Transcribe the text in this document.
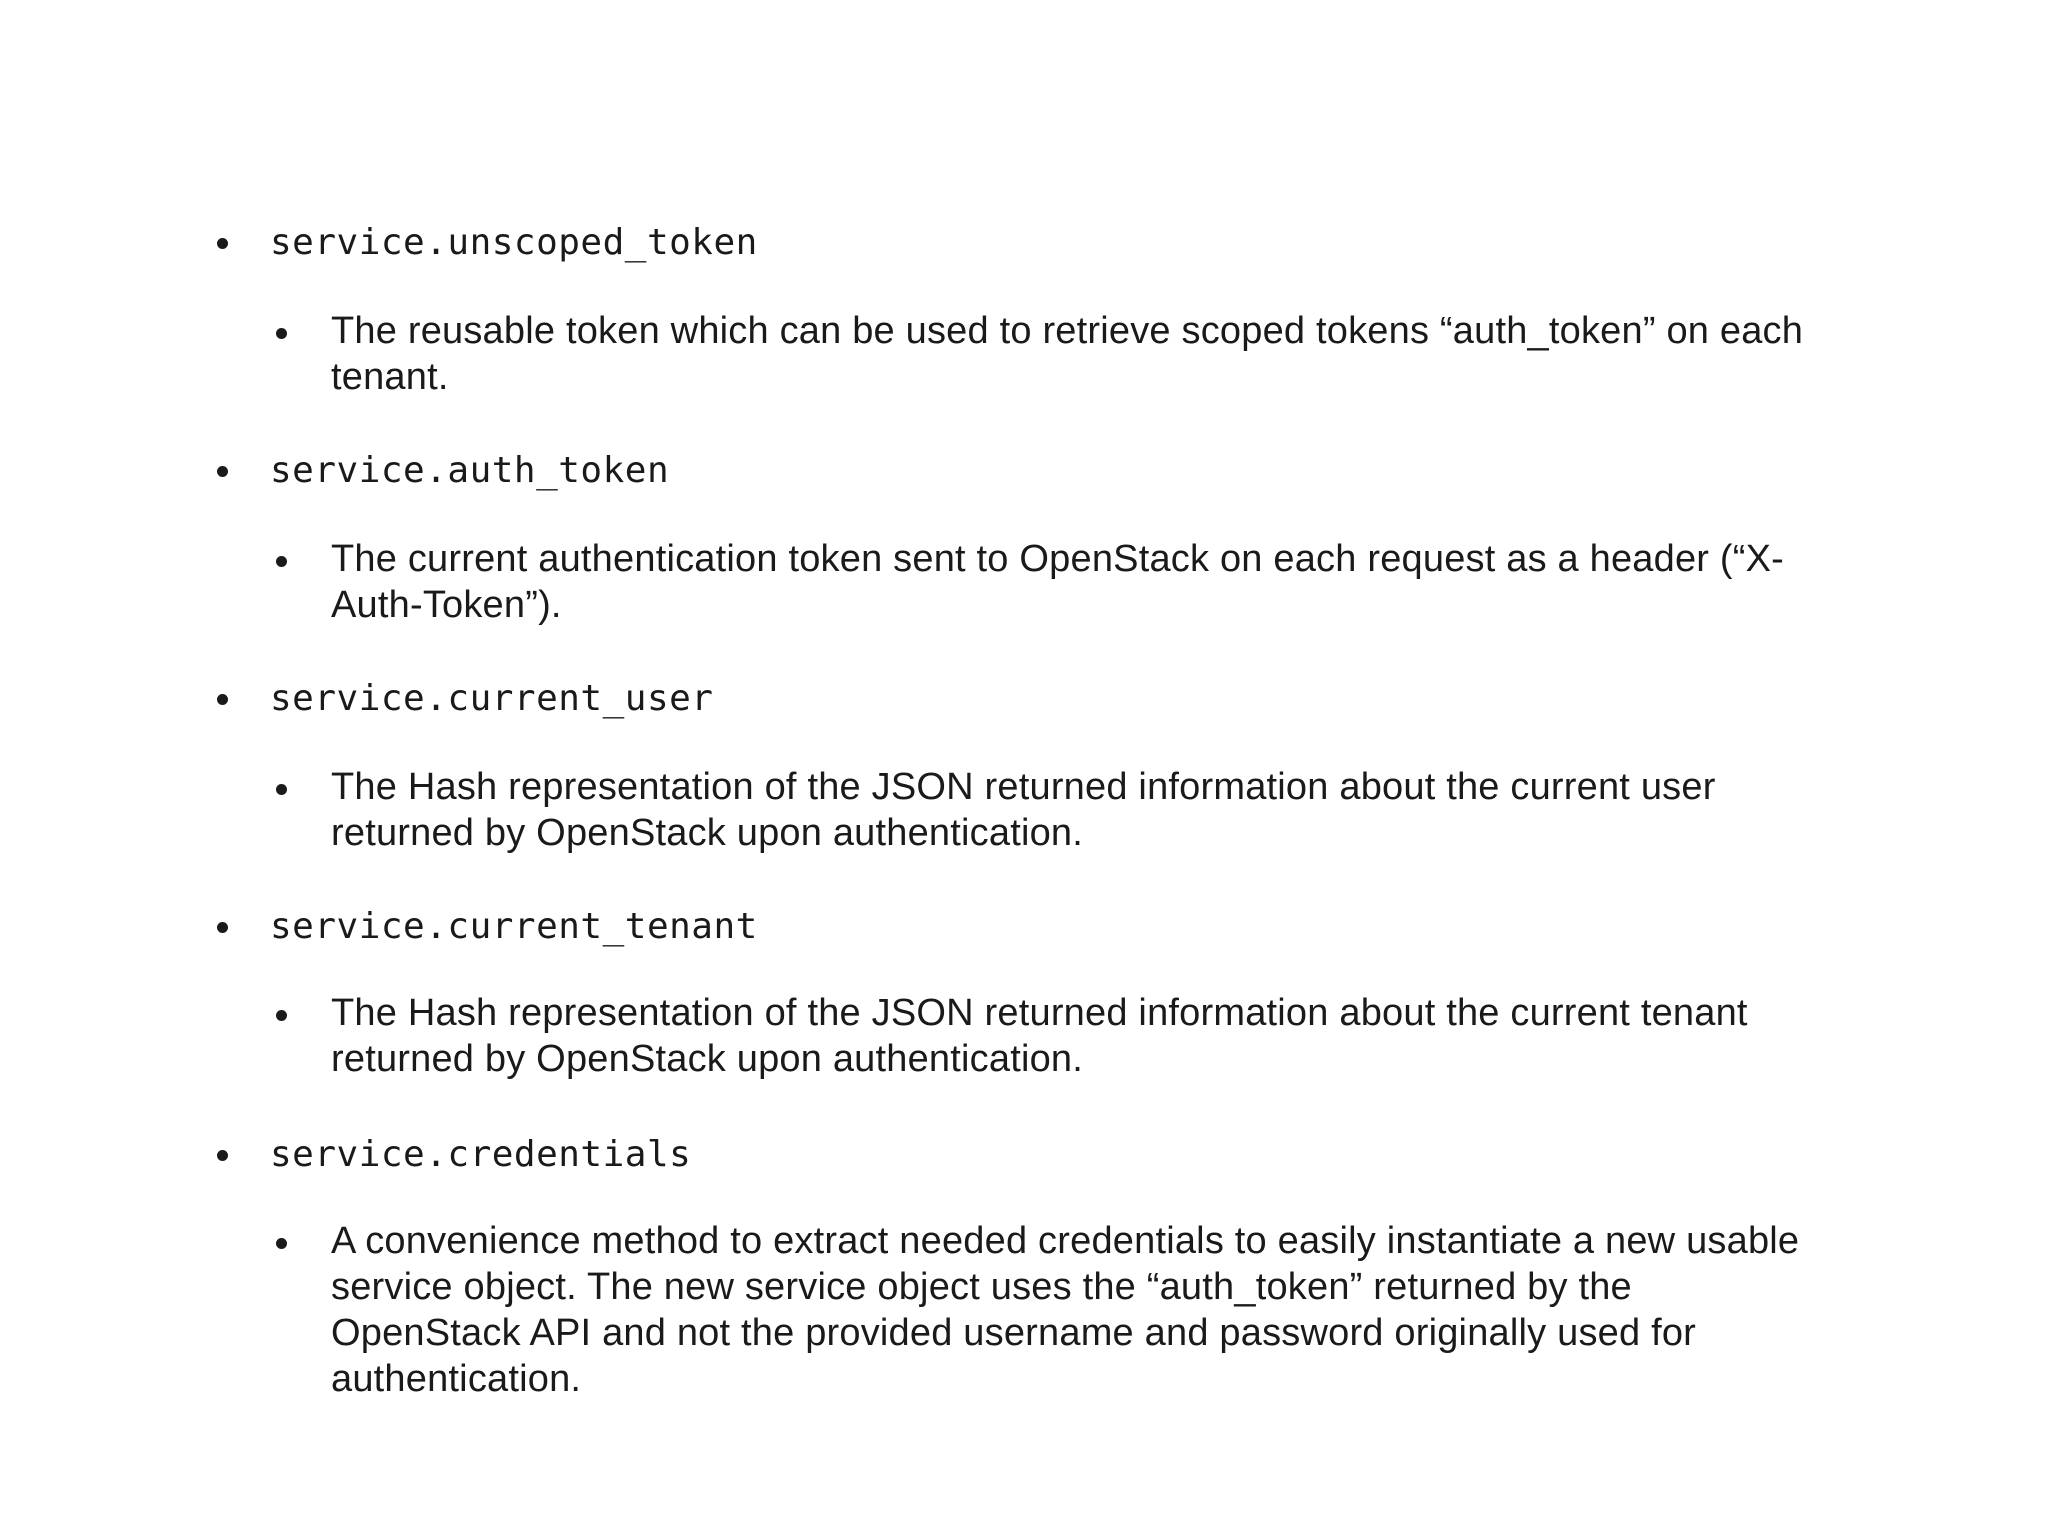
service.unscoped_token
The reusable token which can be used to retrieve scoped tokens “auth_token” on each
tenant.
service.auth_token
The current authentication token sent to OpenStack on each request as a header (“X-
Auth-Token”).
service.current_user
The Hash representation of the JSON returned information about the current user
returned by OpenStack upon authentication.
service.current_tenant
The Hash representation of the JSON returned information about the current tenant
returned by OpenStack upon authentication.
service.credentials
A convenience method to extract needed credentials to easily instantiate a new usable
service object. The new service object uses the “auth_token” returned by the
OpenStack API and not the provided username and password originally used for
authentication.
